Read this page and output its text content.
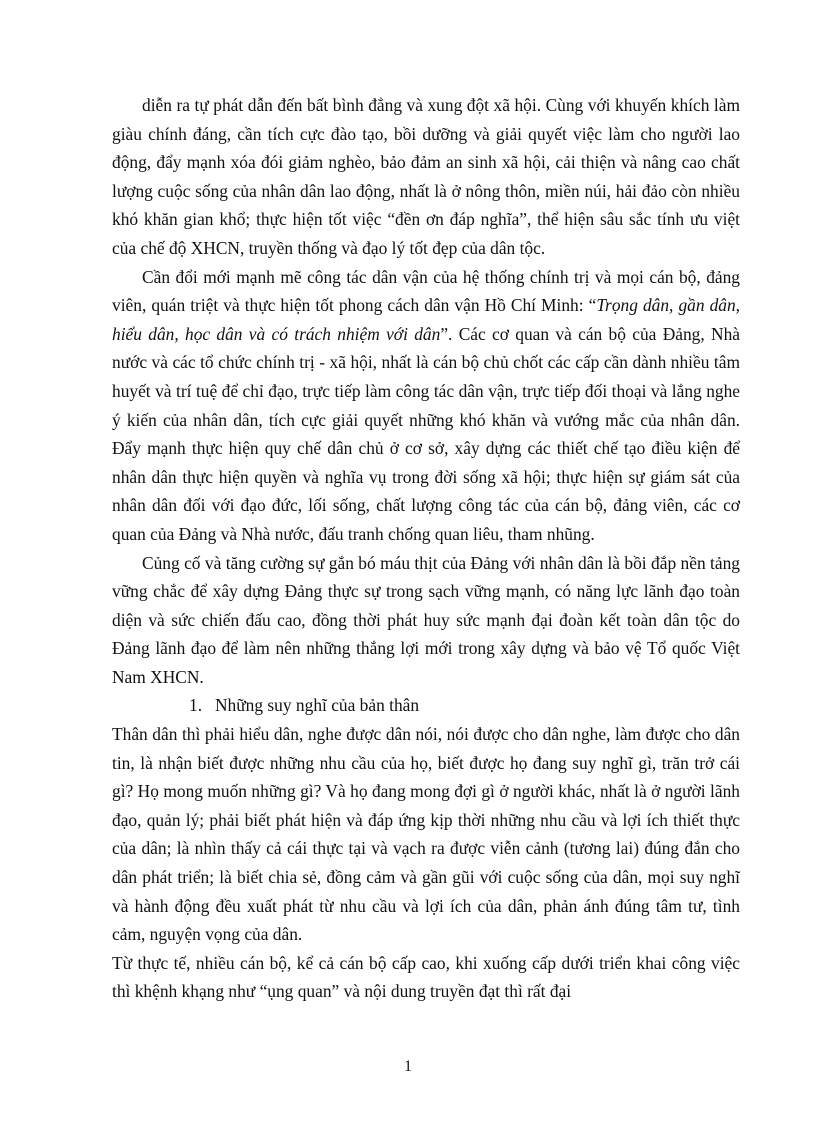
diễn ra tự phát dẫn đến bất bình đẳng và xung đột xã hội. Cùng với khuyến khích làm giàu chính đáng, cần tích cực đào tạo, bồi dưỡng và giải quyết việc làm cho người lao động, đẩy mạnh xóa đói giảm nghèo, bảo đảm an sinh xã hội, cải thiện và nâng cao chất lượng cuộc sống của nhân dân lao động, nhất là ở nông thôn, miền núi, hải đảo còn nhiều khó khăn gian khổ; thực hiện tốt việc “đền ơn đáp nghĩa”, thể hiện sâu sắc tính ưu việt của chế độ XHCN, truyền thống và đạo lý tốt đẹp của dân tộc.

Cần đổi mới mạnh mẽ công tác dân vận của hệ thống chính trị và mọi cán bộ, đảng viên, quán triệt và thực hiện tốt phong cách dân vận Hồ Chí Minh: “Trọng dân, gần dân, hiểu dân, học dân và có trách nhiệm với dân”. Các cơ quan và cán bộ của Đảng, Nhà nước và các tổ chức chính trị - xã hội, nhất là cán bộ chủ chốt các cấp cần dành nhiều tâm huyết và trí tuệ để chỉ đạo, trực tiếp làm công tác dân vận, trực tiếp đối thoại và lắng nghe ý kiến của nhân dân, tích cực giải quyết những khó khăn và vướng mắc của nhân dân. Đẩy mạnh thực hiện quy chế dân chủ ở cơ sở, xây dựng các thiết chế tạo điều kiện để nhân dân thực hiện quyền và nghĩa vụ trong đời sống xã hội; thực hiện sự giám sát của nhân dân đối với đạo đức, lối sống, chất lượng công tác của cán bộ, đảng viên, các cơ quan của Đảng và Nhà nước, đấu tranh chống quan liêu, tham nhũng.

Củng cố và tăng cường sự gắn bó máu thịt của Đảng với nhân dân là bồi đắp nền tảng vững chắc để xây dựng Đảng thực sự trong sạch vững mạnh, có năng lực lãnh đạo toàn diện và sức chiến đấu cao, đồng thời phát huy sức mạnh đại đoàn kết toàn dân tộc do Đảng lãnh đạo để làm nên những thắng lợi mới trong xây dựng và bảo vệ Tổ quốc Việt Nam XHCN.

1. Những suy nghĩ của bản thân

Thân dân thì phải hiểu dân, nghe được dân nói, nói được cho dân nghe, làm được cho dân tin, là nhận biết được những nhu cầu của họ, biết được họ đang suy nghĩ gì, trăn trở cái gì? Họ mong muốn những gì? Và họ đang mong đợi gì ở người khác, nhất là ở người lãnh đạo, quản lý; phải biết phát hiện và đáp ứng kịp thời những nhu cầu và lợi ích thiết thực của dân; là nhìn thấy cả cái thực tại và vạch ra được viễn cảnh (tương lai) đúng đắn cho dân phát triển; là biết chia sẻ, đồng cảm và gần gũi với cuộc sống của dân, mọi suy nghĩ và hành động đều xuất phát từ nhu cầu và lợi ích của dân, phản ánh đúng tâm tư, tình cảm, nguyện vọng của dân.

Từ thực tế, nhiều cán bộ, kể cả cán bộ cấp cao, khi xuống cấp dưới triển khai công việc thì khệnh khạng như “ụng quan” và nội dung truyền đạt thì rất đại

1
